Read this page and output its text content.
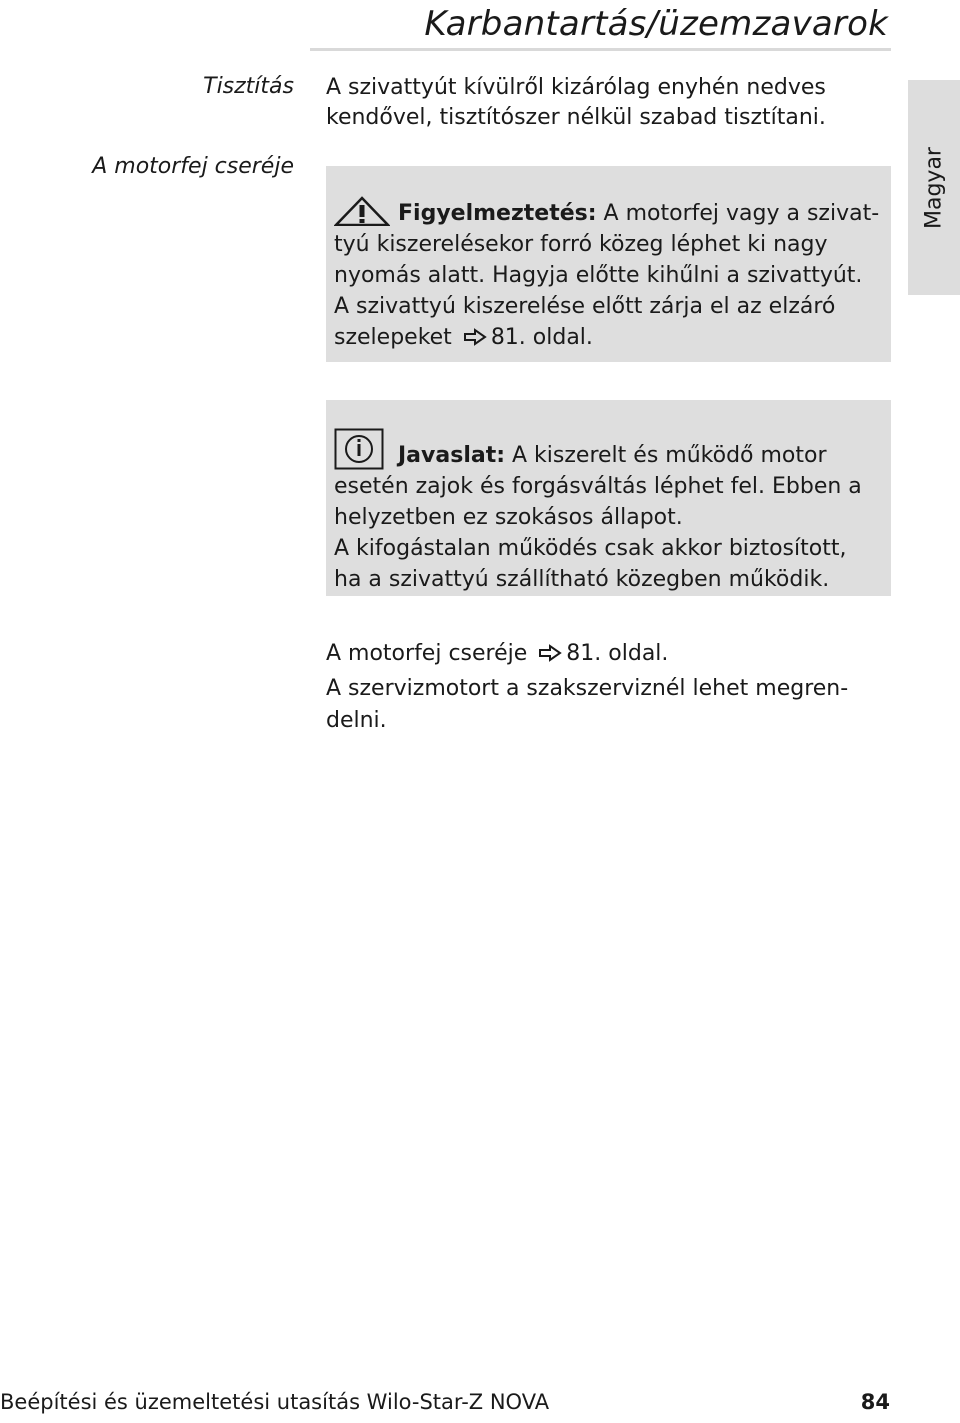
Karbantartás/üzemzavarok
Magyar
Tisztítás
A motorfej cseréje

A szivattyút kívülről kizárólag enyhén nedves

kendővel, tisztítószer nélkül szabad tisztítani.

Figyelmeztetés: A motorfej vagy a szivat-
tyú kiszerelésekor forró közeg léphet ki nagy
nyomás alatt. Hagyja előtte kihűlni a szivattyút.
A szivattyú kiszerelése előtt zárja el az elzáró
szelepeket 81. oldal.
Javaslat: A kiszerelt és működő motor
esetén zajok és forgásváltás léphet fel. Ebben a
helyzetben ez szokásos állapot.
A kifogástalan működés csak akkor biztosított,
ha a szivattyú szállítható közegben működik.

A motorfej cseréje 81. oldal.

A szervizmotort a szakszerviznél lehet megren-

delni.

Beépítési és üzemeltetési utasítás Wilo-Star-Z NOVA	84
